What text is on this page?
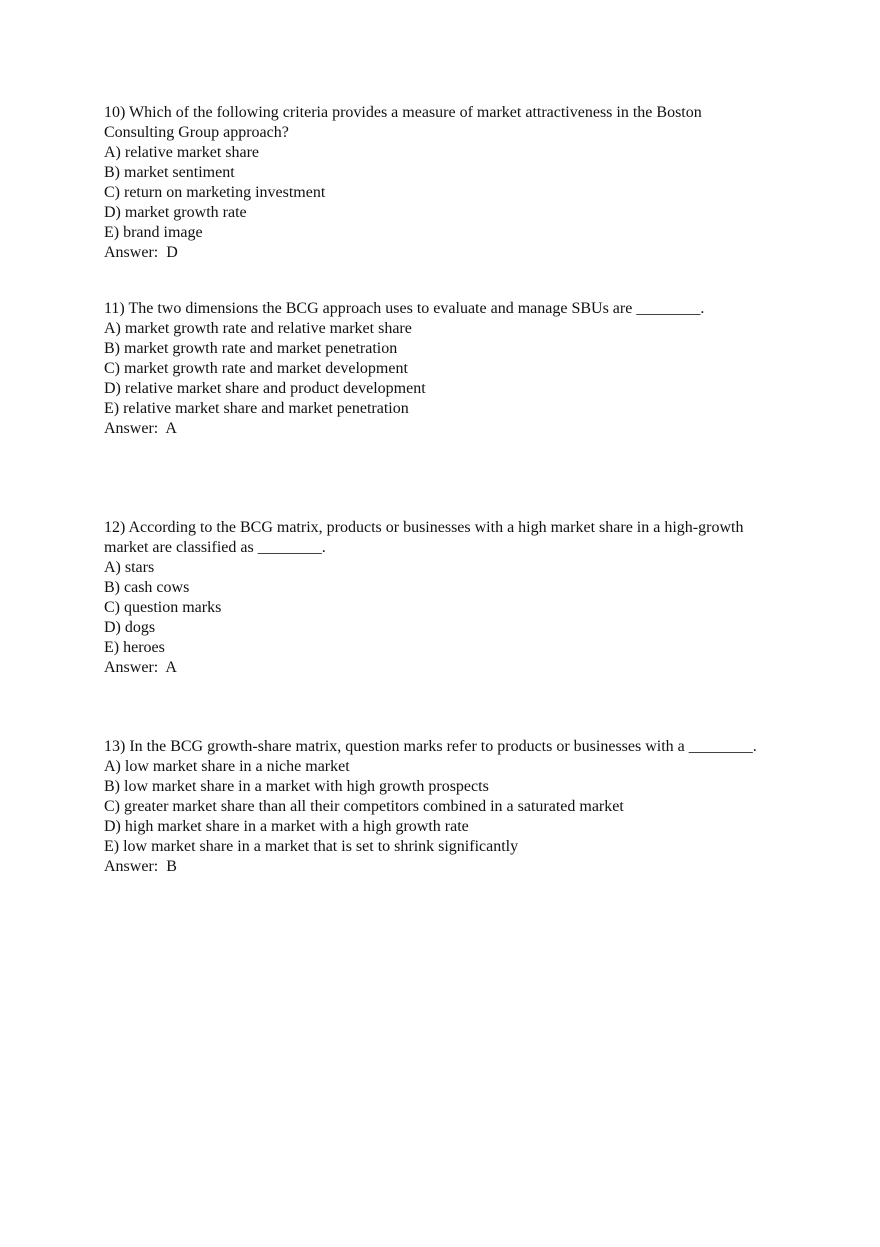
10) Which of the following criteria provides a measure of market attractiveness in the Boston Consulting Group approach?
A) relative market share
B) market sentiment
C) return on marketing investment
D) market growth rate
E) brand image
Answer:  D
11) The two dimensions the BCG approach uses to evaluate and manage SBUs are ________.
A) market growth rate and relative market share
B) market growth rate and market penetration
C) market growth rate and market development
D) relative market share and product development
E) relative market share and market penetration
Answer:  A
12) According to the BCG matrix, products or businesses with a high market share in a high-growth market are classified as ________.
A) stars
B) cash cows
C) question marks
D) dogs
E) heroes
Answer:  A
13) In the BCG growth-share matrix, question marks refer to products or businesses with a ________.
A) low market share in a niche market
B) low market share in a market with high growth prospects
C) greater market share than all their competitors combined in a saturated market
D) high market share in a market with a high growth rate
E) low market share in a market that is set to shrink significantly
Answer:  B
